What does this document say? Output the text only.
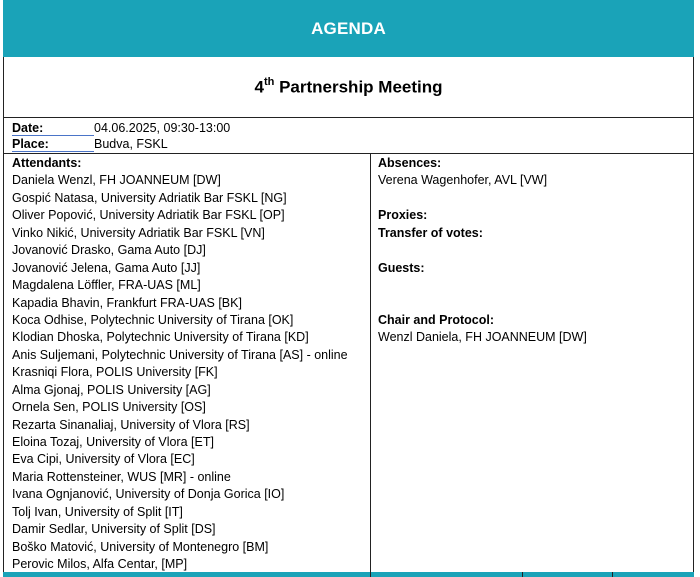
AGENDA
4th Partnership Meeting
Date:	04.06.2025, 09:30-13:00
Place:	Budva, FSKL
Attendants:
Daniela Wenzl, FH JOANNEUM [DW]
Gospić Natasa, University Adriatik Bar FSKL [NG]
Oliver Popović, University Adriatik Bar FSKL [OP]
Vinko Nikić, University Adriatik Bar FSKL [VN]
Jovanović Drasko, Gama Auto [DJ]
Jovanović Jelena, Gama Auto [JJ]
Magdalena Löffler, FRA-UAS [ML]
Kapadia Bhavin, Frankfurt FRA-UAS [BK]
Koca Odhise, Polytechnic University of Tirana [OK]
Klodian Dhoska, Polytechnic University of Tirana [KD]
Anis Suljemani, Polytechnic University of Tirana [AS] - online
Krasniqi Flora, POLIS University [FK]
Alma Gjonaj, POLIS University [AG]
Ornela Sen, POLIS University [OS]
Rezarta Sinanaliaj, University of Vlora [RS]
Eloina Tozaj, University of Vlora [ET]
Eva Cipi, University of Vlora [EC]
Maria Rottensteiner, WUS [MR] - online
Ivana Ognjanović, University of Donja Gorica [IO]
Tolj Ivan, University of Split [IT]
Damir Sedlar, University of Split [DS]
Boško Matović, University of Montenegro [BM]
Perovic Milos, Alfa Centar, [MP]
Absences:
Verena Wagenhofer, AVL [VW]
Proxies:
Transfer of votes:
Guests:
Chair and Protocol:
Wenzl Daniela, FH JOANNEUM [DW]
